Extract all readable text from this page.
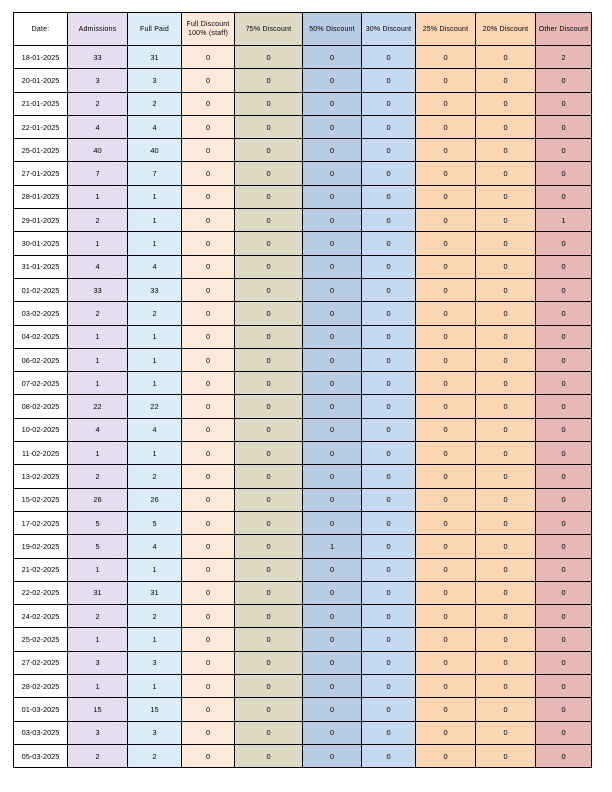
Date:	Admissions	Full Paid	Full Discount 100% (staff)	75% Discount	50% Discount	30% Discount	25% Discount	20% Discount	Other Discount
18-01-2025	33	31	0	0	0	0	0	0	2
20-01-2025	3	3	0	0	0	0	0	0	0
21-01-2025	2	2	0	0	0	0	0	0	0
22-01-2025	4	4	0	0	0	0	0	0	0
25-01-2025	40	40	0	0	0	0	0	0	0
27-01-2025	7	7	0	0	0	0	0	0	0
28-01-2025	1	1	0	0	0	0	0	0	0
29-01-2025	2	1	0	0	0	0	0	0	1
30-01-2025	1	1	0	0	0	0	0	0	0
31-01-2025	4	4	0	0	0	0	0	0	0
01-02-2025	33	33	0	0	0	0	0	0	0
03-02-2025	2	2	0	0	0	0	0	0	0
04-02-2025	1	1	0	0	0	0	0	0	0
06-02-2025	1	1	0	0	0	0	0	0	0
07-02-2025	1	1	0	0	0	0	0	0	0
08-02-2025	22	22	0	0	0	0	0	0	0
10-02-2025	4	4	0	0	0	0	0	0	0
11-02-2025	1	1	0	0	0	0	0	0	0
13-02-2025	2	2	0	0	0	0	0	0	0
15-02-2025	26	26	0	0	0	0	0	0	0
17-02-2025	5	5	0	0	0	0	0	0	0
19-02-2025	5	4	0	0	1	0	0	0	0
21-02-2025	1	1	0	0	0	0	0	0	0
22-02-2025	31	31	0	0	0	0	0	0	0
24-02-2025	2	2	0	0	0	0	0	0	0
25-02-2025	1	1	0	0	0	0	0	0	0
27-02-2025	3	3	0	0	0	0	0	0	0
28-02-2025	1	1	0	0	0	0	0	0	0
01-03-2025	15	15	0	0	0	0	0	0	0
03-03-2025	3	3	0	0	0	0	0	0	0
05-03-2025	2	2	0	0	0	0	0	0	0
